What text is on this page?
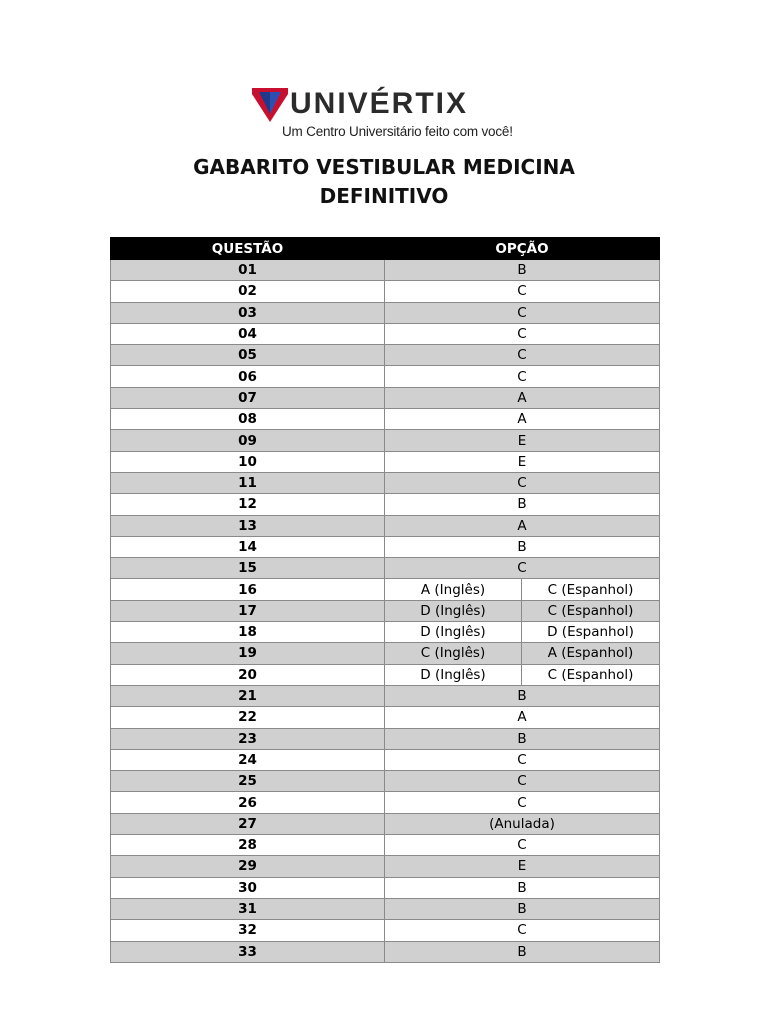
UNIVÉRTIX
Um Centro Universitário feito com você!
GABARITO VESTIBULAR MEDICINA
DEFINITIVO
QUESTÃO	OPÇÃO	
01	B	
02	C	
03	C	
04	C	
05	C	
06	C	
07	A	
08	A	
09	E	
10	E	
11	C	
12	B	
13	A	
14	B	
15	C	
16	A (Inglês)	C (Espanhol)
17	D (Inglês)	C (Espanhol)
18	D (Inglês)	D (Espanhol)
19	C (Inglês)	A (Espanhol)
20	D (Inglês)	C (Espanhol)
21	B	
22	A	
23	B	
24	C	
25	C	
26	C	
27	(Anulada)	
28	C	
29	E	
30	B	
31	B	
32	C	
33	B	
